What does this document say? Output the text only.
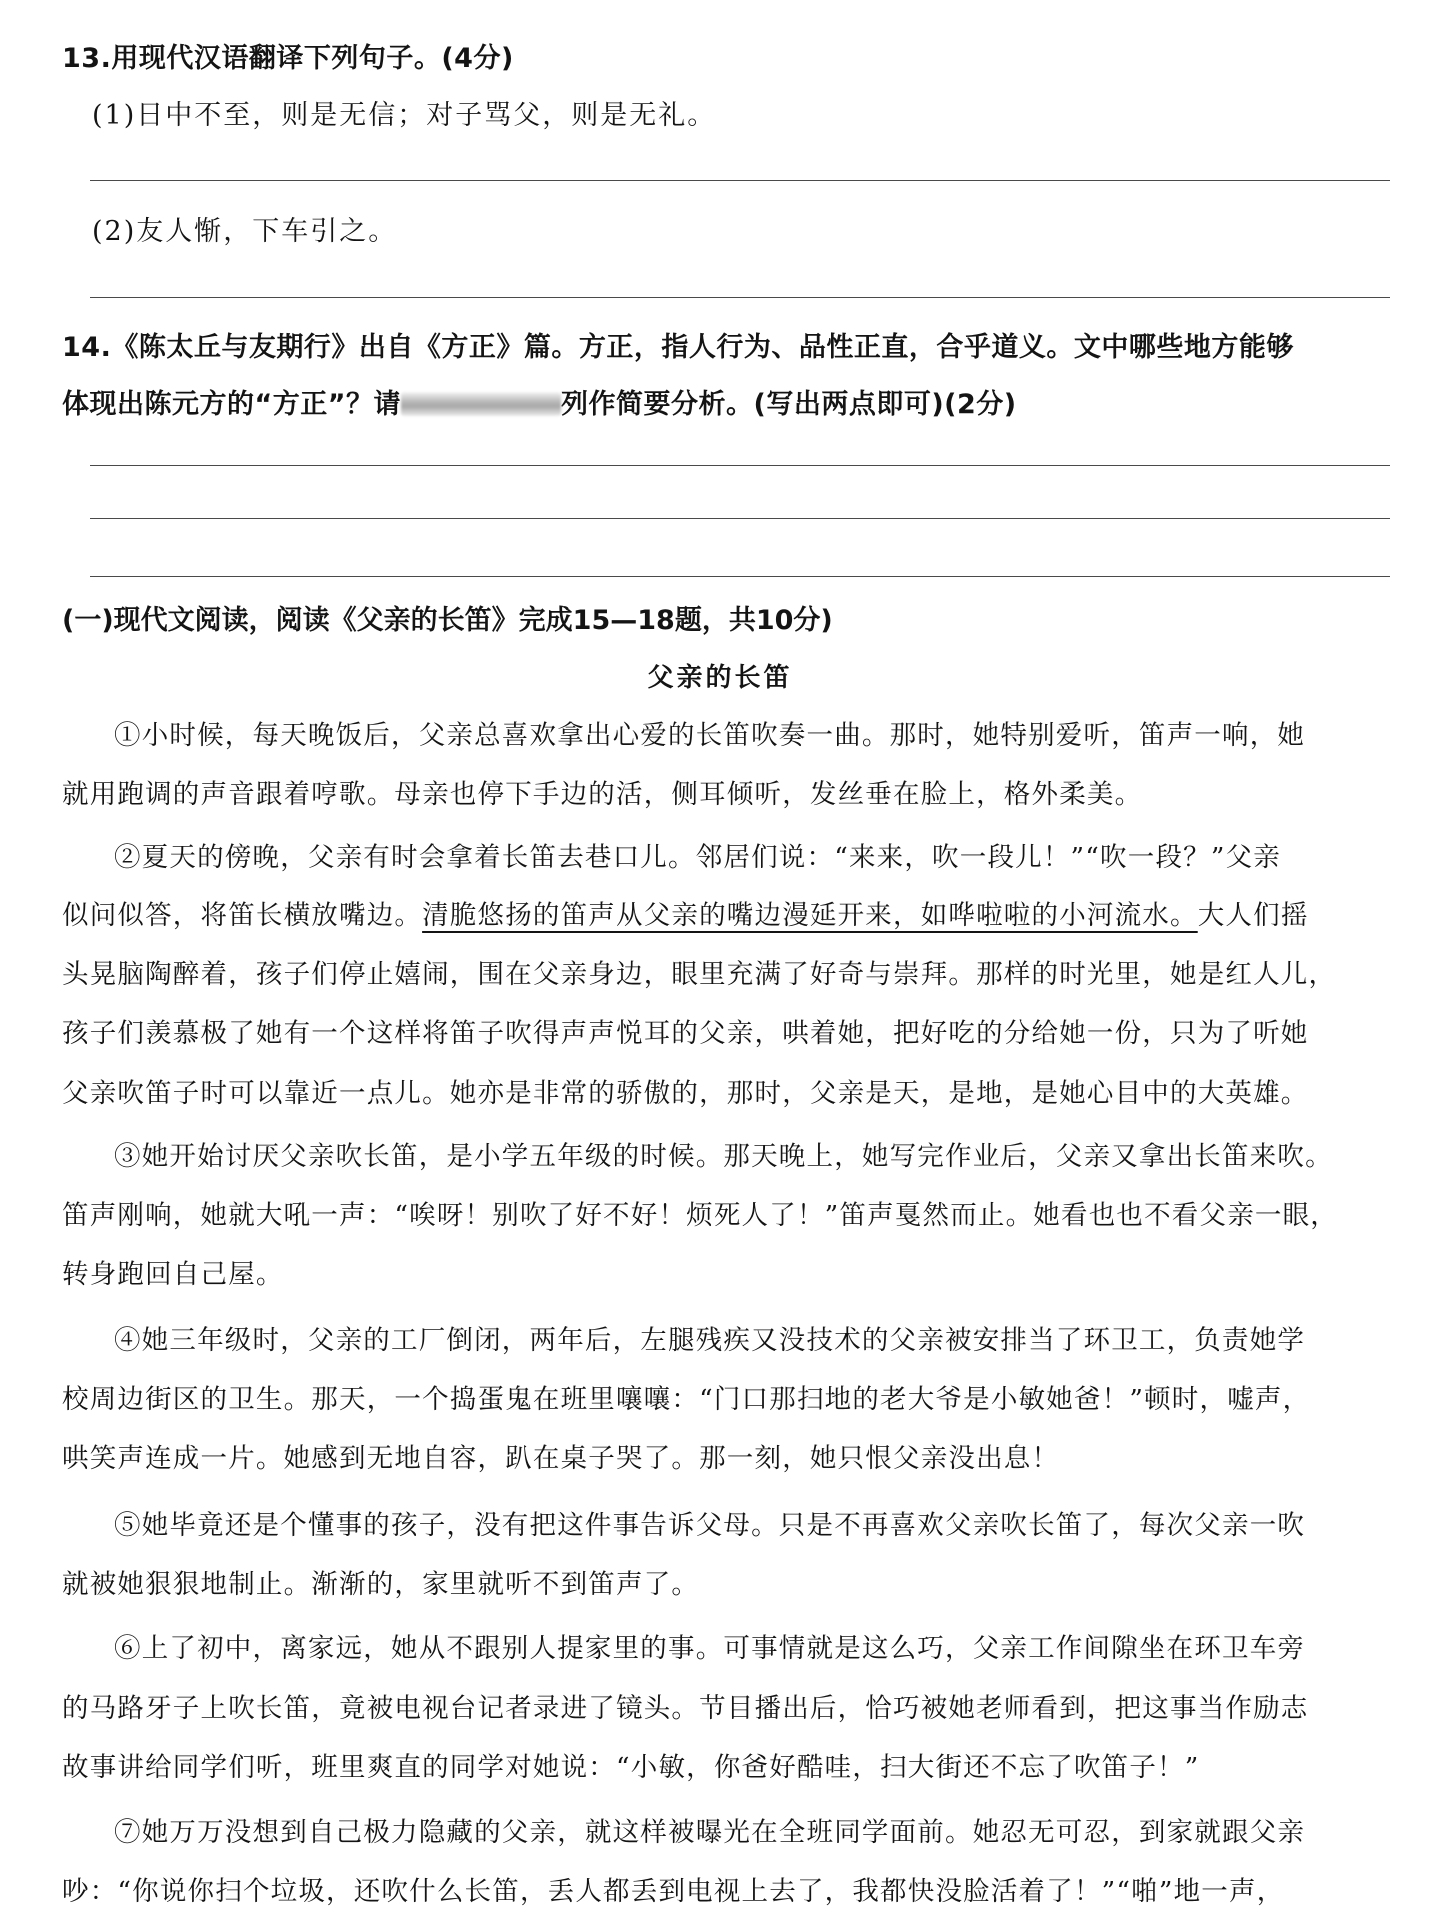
13.用现代汉语翻译下列句子。(4分)
(1)日中不至，则是无信；对子骂父，则是无礼。
(2)友人惭，下车引之。
14.《陈太丘与友期行》出自《方正》篇。方正，指人行为、品性正直，合乎道义。文中哪些地方能够
体现出陈元方的“方正”？请	列作简要分析。(写出两点即可)(2分)
(一)现代文阅读，阅读《父亲的长笛》完成15—18题，共10分)
父亲的长笛
①小时候，每天晚饭后，父亲总喜欢拿出心爱的长笛吹奏一曲。那时，她特别爱听，笛声一响，她
就用跑调的声音跟着哼歌。母亲也停下手边的活，侧耳倾听，发丝垂在脸上，格外柔美。
②夏天的傍晚，父亲有时会拿着长笛去巷口儿。邻居们说：“来来，吹一段儿！”“吹一段？”父亲
似问似答，将笛长横放嘴边。清脆悠扬的笛声从父亲的嘴边漫延开来，如哗啦啦的小河流水。大人们摇
头晃脑陶醉着，孩子们停止嬉闹，围在父亲身边，眼里充满了好奇与崇拜。那样的时光里，她是红人儿，
孩子们羡慕极了她有一个这样将笛子吹得声声悦耳的父亲，哄着她，把好吃的分给她一份，只为了听她
父亲吹笛子时可以靠近一点儿。她亦是非常的骄傲的，那时，父亲是天，是地，是她心目中的大英雄。
③她开始讨厌父亲吹长笛，是小学五年级的时候。那天晚上，她写完作业后，父亲又拿出长笛来吹。
笛声刚响，她就大吼一声：“唉呀！别吹了好不好！烦死人了！”笛声戛然而止。她看也也不看父亲一眼，
转身跑回自己屋。
④她三年级时，父亲的工厂倒闭，两年后，左腿残疾又没技术的父亲被安排当了环卫工，负责她学
校周边街区的卫生。那天，一个捣蛋鬼在班里嚷嚷：“门口那扫地的老大爷是小敏她爸！”顿时，嘘声，
哄笑声连成一片。她感到无地自容，趴在桌子哭了。那一刻，她只恨父亲没出息！
⑤她毕竟还是个懂事的孩子，没有把这件事告诉父母。只是不再喜欢父亲吹长笛了，每次父亲一吹
就被她狠狠地制止。渐渐的，家里就听不到笛声了。
⑥上了初中，离家远，她从不跟别人提家里的事。可事情就是这么巧，父亲工作间隙坐在环卫车旁
的马路牙子上吹长笛，竟被电视台记者录进了镜头。节目播出后，恰巧被她老师看到，把这事当作励志
故事讲给同学们听，班里爽直的同学对她说：“小敏，你爸好酷哇，扫大街还不忘了吹笛子！”
⑦她万万没想到自己极力隐藏的父亲，就这样被曝光在全班同学面前。她忍无可忍，到家就跟父亲
吵：“你说你扫个垃圾，还吹什么长笛，丢人都丢到电视上去了，我都快没脸活着了！”“啪”地一声，
